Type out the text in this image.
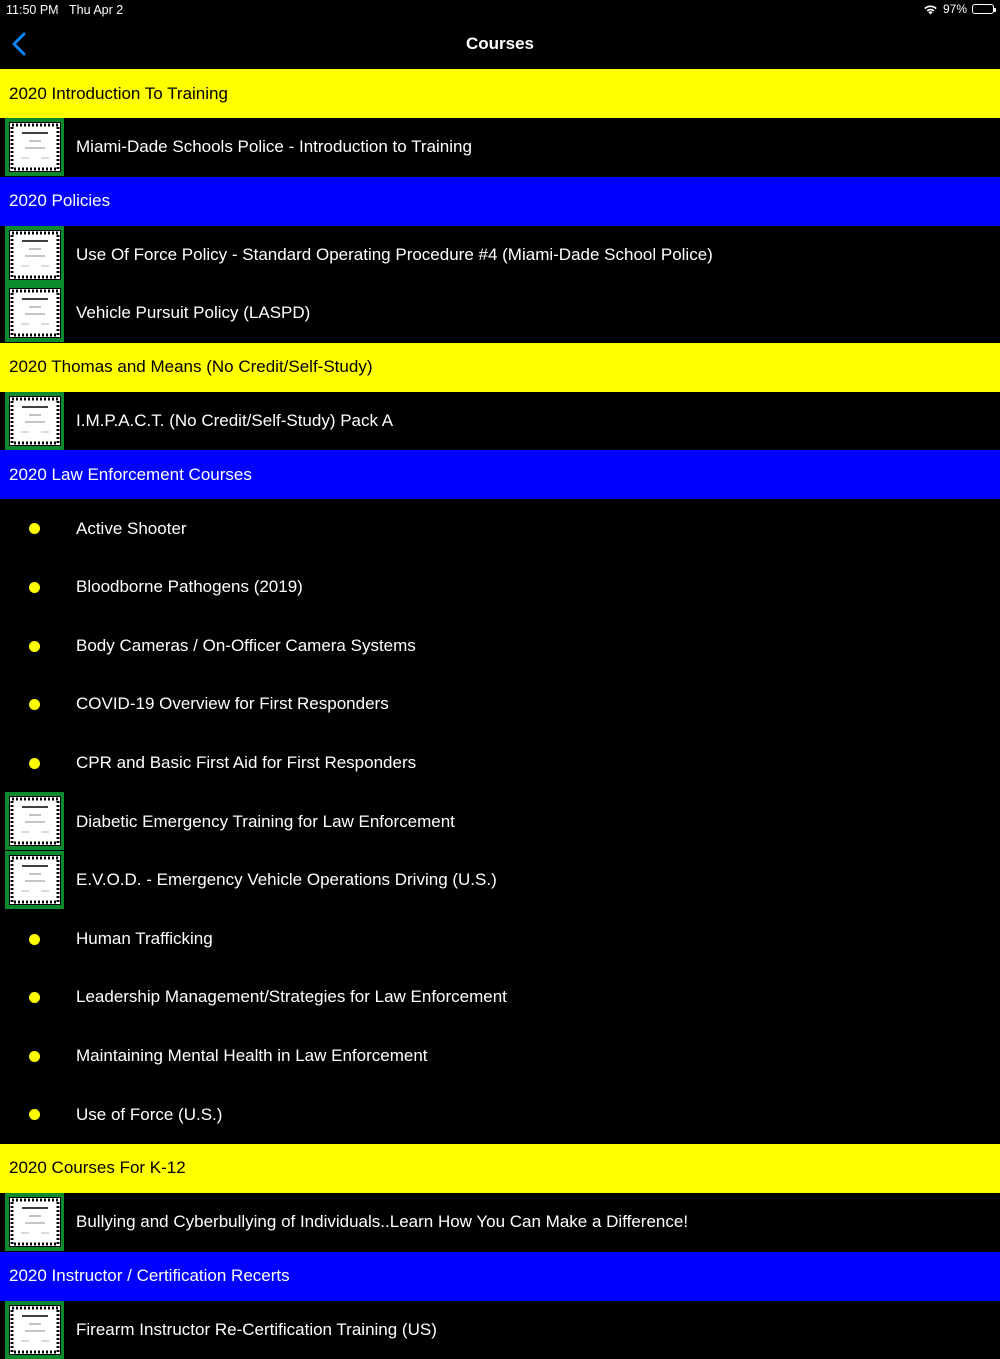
11:50 PM Thu Apr 2	97%
Courses
2020 Introduction To Training
Miami-Dade Schools Police - Introduction to Training
2020 Policies
Use Of Force Policy - Standard Operating Procedure #4 (Miami-Dade School Police)
Vehicle Pursuit Policy (LASPD)
2020 Thomas and Means (No Credit/Self-Study)
I.M.P.A.C.T. (No Credit/Self-Study) Pack A
2020 Law Enforcement Courses
Active Shooter
Bloodborne Pathogens (2019)
Body Cameras / On-Officer Camera Systems
COVID-19 Overview for First Responders
CPR and Basic First Aid for First Responders
Diabetic Emergency Training for Law Enforcement
E.V.O.D. - Emergency Vehicle Operations Driving (U.S.)
Human Trafficking
Leadership Management/Strategies for Law Enforcement
Maintaining Mental Health in Law Enforcement
Use of Force (U.S.)
2020 Courses For K-12
Bullying and Cyberbullying of Individuals..Learn How You Can Make a Difference!
2020 Instructor / Certification Recerts
Firearm Instructor Re-Certification Training (US)
